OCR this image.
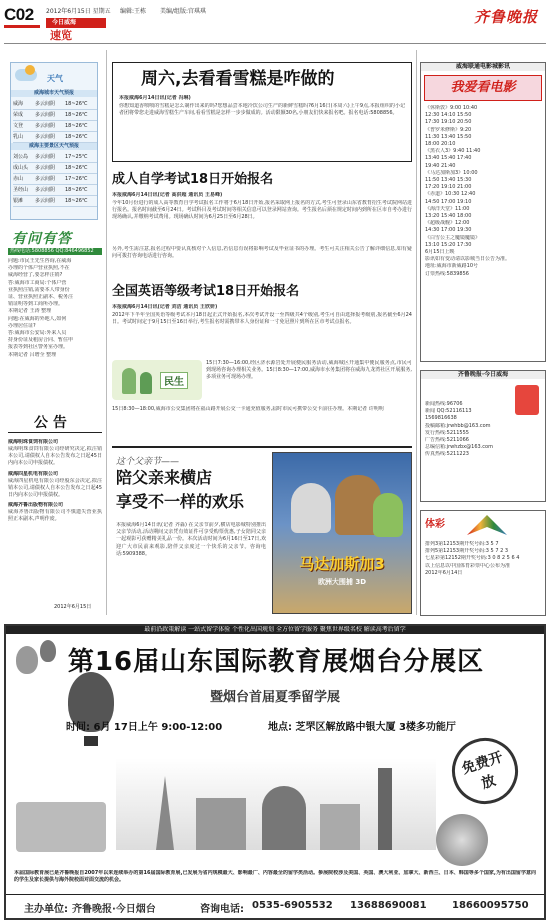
C02 2012年6月15日 星期五 编辑:王栋 美编/组版:宫琪琪	齐鲁晚报
今日威海
速览
天气
威海城市天气预报
威海	多云间阴	18~26℃
荣成	多云间阴	18~26℃
文登	多云间阴	18~26℃
乳山	多云间阴	18~26℃
威海主要景区天气预报
刘公岛	多云间阴	17~25℃
成山头	多云间阴	18~26℃
赤山	多云间阴	17~26℃
圣经山	多云间阴	18~26℃
银滩	多云间阴	18~26℃
有问有答
热线电话:5808856 QQ:846496852
问题:市民王先生咨询,在威海
办理的个体户营业执照,不在
威海经营了,要怎样注销?
答:威海市工商局:个体户营
业执照注销,需要本人带身份
证、营业执照正副本、税务注
销证明等到工商所办理。
本期记者 王涛 整理
问题:在威海的外地人,如何
办理居住证?
答:威海市公安局:外来人员
持身份证及租房合同、暂住申
报表等到社区警务室办理。
本期记者 吕增全 整理
公 告
威海明珠食饲有限公司
威海明珠食饲有限公司经研究决定,拟注销本公司,请债权人自本公告发布之日起45日内向本公司申报债权。
威海四星机电有限公司
威海四星机电有限公司经股东会决定,拟注销本公司,请债权人自本公告发布之日起45日内向本公司申报债权。
威海齐鲁出版物有限公司
威海齐鲁出版物有限公司不慎遗失营业执照正本副本,声明作废。
2012年6月15日
周六,去看看雪糕是咋做的
本报威海6月14日讯(记者 冯琳)
你想知道香喷喷的雪糕是怎么制作出来的吗?您想品尝本地冷饮公司生产的新鲜雪糕吗?6月16日(本周六)上午9点,本报组织的小记者团将带您走进威海雪糕生产车间,看看雪糕是怎样一步步做成的。活动限额30名,小朋友们快来报名吧。报名电话:5808856。
成人自学考试18日开始报名
本报威海6月14日讯(记者 高洪超 通讯员 王易峰)
今年10月份进行的成人高等教育自学考试报名工作将于6月18日开始,报名采取网上报名的方式,考生可登录山东省教育招生考试院网站进行报名。报名时间截至6月24日。考试科目及考试时间等相关信息可以登录网站查询。考生报名后须在规定时间内到所在区市自考办进行现场确认,并缴纳考试费用。现场确认时间为6月25日至6月28日。
另外,考生需注意,报名过程中要认真核对个人信息,若信息有误将影响考试及毕业证书的办理。考生可关注相关公告了解详细信息,如有疑问可拨打咨询电话进行咨询。
全国英语等级考试18日开始报名
本报威海6月14日讯(记者 刘洁 通讯员 王欣妍)
2012年下半年全国英语等级考试本月18日起正式开始报名,本次考试开设一至四级共4个级别,考生可自由选择报考级别,报名截至6月24日。考试时间定于9月15日至16日举行,考生报名时需携带本人身份证和一寸免冠照片到所在区市考试点报名。
民生
15日7:30—16:00,经区济水源岩处开展便民服务活动,威海城区开通集中便民服务点,市民可到现场咨询办理相关业务。15日8:30—17:00,威海市水务集团将在威海九龙湾社区开展服务,多项业务可现场办理。
15日8:30—18:00,威海市公交集团将在福山路开展公交一卡通充值服务,届时市民可携带公交卡前往办理。本期记者 许明明
这个父亲节——
陪父亲来横店
享受不一样的欢乐
本报威海6月14日讯(记者 齐淼) 在父亲节前夕,横店电影城特别推出父亲节活动,活动期间父亲凭有效证件可享受购票优惠,子女陪同父亲一起观影可获赠精美礼品一份。本次活动时间为6月16日至17日,欢迎广大市民前来观影,陪伴父亲度过一个快乐的父亲节。咨询电话:5909388。
马达加斯加3
欧洲大围捕 3D
威海联通电影城影讯
我爱看电影
《休斯敦》9:00 10:40
12:30 14:10 15:50
17:30 19:10 20:50
《普罗米修斯》9:20
11:30 13:40 15:50
18:00 20:10
《黑衣人3》9:40 11:40
13:40 15:40 17:40
19:40 21:40
《马达加斯加3》10:00
11:50 13:40 15:30
17:20 19:10 21:00
《赤道》10:30 12:40
14:50 17:00 19:10
《海洋天堂》11:00
13:20 15:40 18:00
《超级战舰》12:00
14:30 17:00 19:30
《白雪公主之魔镜魔镜》
13:10 15:20 17:30
6月15日上映
影讯如有变动请以影城当日公告为准。
地址:威海市新威路10号
订票热线:5839856
齐鲁晚报·今日威海
新闻热线:96706
新闻 QQ:52116113
1569816638
投稿邮箱:jrwhbb@163.com
发行热线:5211555
广告热线:5211066
总编信箱:jrwhzbx@163.com
传真热线:5211223
体彩
排列3第12153期开奖号码:3 5 7
排列5第12153期开奖号码:3 5 7 2 3
七星彩第12152期开奖号码:3 0 8 2 5 6 4
以上信息以中国体育彩票中心公布为准
2012年6月14日
最前沿政策解读 一站式留学体验 个性化出国规划 全方位留学服务 聚焦世界级名校 解读高考后留学
第16届山东国际教育展烟台分展区
暨烟台首届夏季留学展
时间: 6月 17日上午 9:00-12:00	地点: 芝罘区解放路中银大厦 3楼多功能厅
免费开放
本届国际教育展已是齐鲁晚报自2007年以来连续举办的第16届国际教育展,已发展为省内规模最大、影响最广、内容最全的留学类活动。参展院校涉及美国、英国、澳大利亚、加拿大、新西兰、日本、韩国等多个国家,为有出国留学意向的学生及家长提供与海外院校面对面交流的机会。
主办单位: 齐鲁晚报·今日烟台	咨询电话: 0535-6905532 13688690081	18660095750
